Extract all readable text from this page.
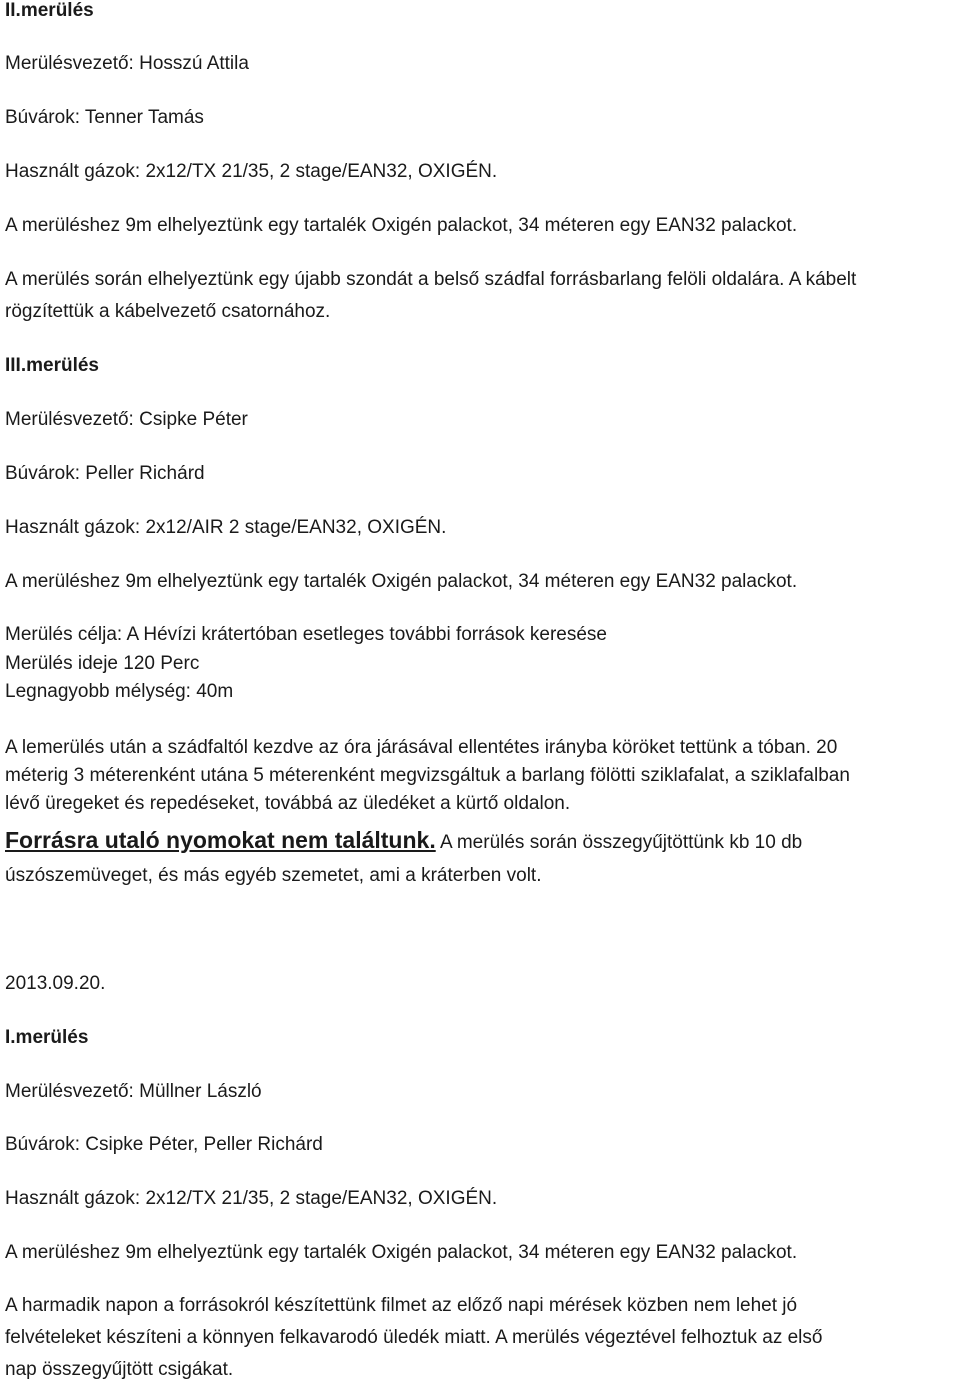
II.merülés
Merülésvezető: Hosszú Attila
Búvárok: Tenner Tamás
Használt gázok: 2x12/TX 21/35, 2 stage/EAN32, OXIGÉN.
A merüléshez 9m elhelyeztünk egy tartalék Oxigén palackot, 34 méteren egy EAN32 palackot.
A merülés során elhelyeztünk egy újabb szondát a belső szádfal forrásbarlang felöli oldalára. A kábelt
rögzítettük a kábelvezető csatornához.
III.merülés
Merülésvezető: Csipke Péter
Búvárok: Peller Richárd
Használt gázok: 2x12/AIR 2 stage/EAN32, OXIGÉN.
A merüléshez 9m elhelyeztünk egy tartalék Oxigén palackot, 34 méteren egy EAN32 palackot.
Merülés célja: A Hévízi krátertóban esetleges további források keresése
Merülés ideje 120 Perc
Legnagyobb mélység: 40m
A lemerülés után a szádfaltól kezdve az óra járásával ellentétes irányba köröket tettünk a tóban. 20
méterig 3 méterenként utána 5 méterenként megvizsgáltuk a barlang fölötti sziklafalat, a sziklafalban
lévő üregeket és repedéseket, továbbá az üledéket a kürtő oldalon.
Forrásra utaló nyomokat nem találtunk. A merülés során összegyűjtöttünk kb 10 db
úszószemüveget, és más egyéb szemetet, ami a kráterben volt.
2013.09.20.
I.merülés
Merülésvezető: Müllner László
Búvárok: Csipke Péter, Peller Richárd
Használt gázok: 2x12/TX 21/35, 2 stage/EAN32, OXIGÉN.
A merüléshez 9m elhelyeztünk egy tartalék Oxigén palackot, 34 méteren egy EAN32 palackot.
A harmadik napon a forrásokról készítettünk filmet az előző napi mérések közben nem lehet jó
felvételeket készíteni a könnyen felkavarodó üledék miatt. A merülés végeztével felhoztuk az első
nap összegyűjtött csigákat.
